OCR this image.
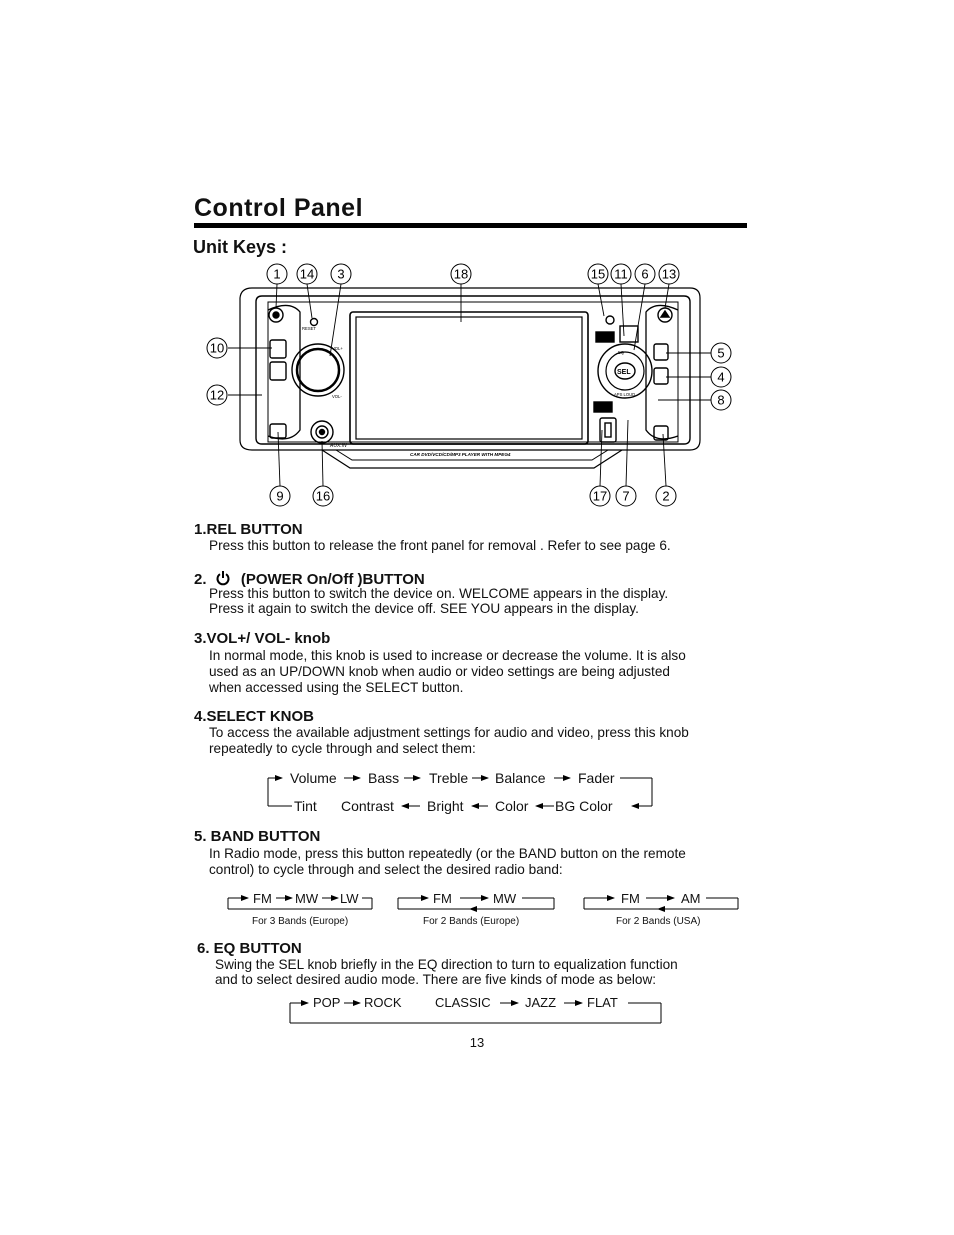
Control Panel
Unit Keys :
1 14 3	18	15 11 6 13
10
12
5
4
8
9 16	17 7	2
RESET
VOL+
VOL-
AUX.IN
EQ
APS LOUD
CAR DVD/VCD/CD/MP3 PLAYER WITH MPEG4
SEL
1.REL BUTTON
Press this button to release the front panel for removal . Refer to see page 6.
2. (POWER On/Off )BUTTON
Press this button to switch the device on. WELCOME appears in the display.
Press it again to switch the device off. SEE YOU appears in the display.
3.VOL+/ VOL- knob
In normal mode, this knob is used to increase or decrease the volume. It is also
used as an UP/DOWN knob when audio or video settings are being adjusted
when accessed using the SELECT button.
4.SELECT KNOB
To access the available adjustment settings for audio and video, press this knob
repeatedly to cycle through and select them:
Volume Bass Treble Balance Fader
Tint Contrast Bright Color BG Color
5. BAND BUTTON
In Radio mode, press this button repeatedly (or the BAND button on the remote
control) to cycle through and select the desired radio band:
FM MW LW	FM	MW	FM	AM
For 3 Bands (Europe)	For 2 Bands (Europe)	For 2 Bands (USA)
6. EQ BUTTON
Swing the SEL knob briefly in the EQ direction to turn to equalization function
and to select desired audio mode. There are five kinds of mode as below:
POP ROCK	CLASSIC	JAZZ FLAT
13
